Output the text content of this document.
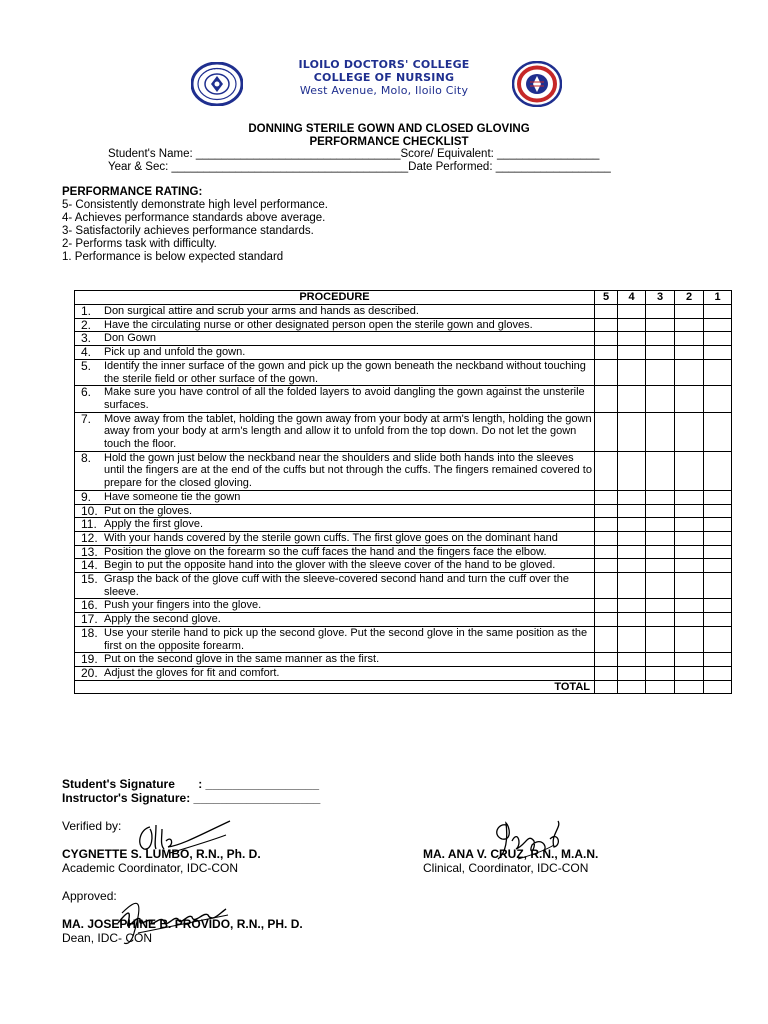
ILOILO DOCTORS' COLLEGE
COLLEGE OF NURSING
West Avenue, Molo, Iloilo City
DONNING STERILE GOWN AND CLOSED GLOVING
PERFORMANCE CHECKLIST
Student's Name: ________________________________Score/ Equivalent: ________________
Year & Sec: _____________________________________Date Performed: __________________
PERFORMANCE RATING:
5- Consistently demonstrate high level performance.
4- Achieves performance standards above average.
3- Satisfactorily achieves performance standards.
2- Performs task with difficulty.
1. Performance is below expected standard
PROCEDURE	5	4	3	2	1

1. Don surgical attire and scrub your arms and hands as described.					

2. Have the circulating nurse or other designated person open the sterile gown and gloves.					

3. Don Gown					

4. Pick up and unfold the gown.					

5. Identify the inner surface of the gown and pick up the gown beneath the neckband without touching the sterile field or other surface of the gown.					

6. Make sure you have control of all the folded layers to avoid dangling the gown against the unsterile surfaces.					

7. Move away from the tablet, holding the gown away from your body at arm's length, holding the gown away from your body at arm's length and allow it to unfold from the top down. Do not let the gown touch the floor.					

8. Hold the gown just below the neckband near the shoulders and slide both hands into the sleeves until the fingers are at the end of the cuffs but not through the cuffs. The fingers remained covered to prepare for the closed gloving.					

9. Have someone tie the gown					

10. Put on the gloves.					

11. Apply the first glove.					

12. With your hands covered by the sterile gown cuffs. The first glove goes on the dominant hand					

13. Position the glove on the forearm so the cuff faces the hand and the fingers face the elbow.					

14. Begin to put the opposite hand into the glover with the sleeve cover of the hand to be gloved.					

15. Grasp the back of the glove cuff with the sleeve-covered second hand and turn the cuff over the sleeve.					

16. Push your fingers into the glove.					

17. Apply the second glove.					

18. Use your sterile hand to pick up the second glove. Put the second glove in the same position as the first on the opposite forearm.					

19. Put on the second glove in the same manner as the first.					

20. Adjust the gloves for fit and comfort.					

TOTAL					
Student's Signature       : _________________
Instructor's Signature: ___________________
Verified by:
CYGNETTE S. LUMBO, R.N., Ph. D.
Academic Coordinator, IDC-CON
MA. ANA V. CRUZ, R.N., M.A.N.
Clinical, Coordinator, IDC-CON
Approved:
MA. JOSEPHINE B. PROVIDO, R.N., PH. D.
Dean, IDC- CON
